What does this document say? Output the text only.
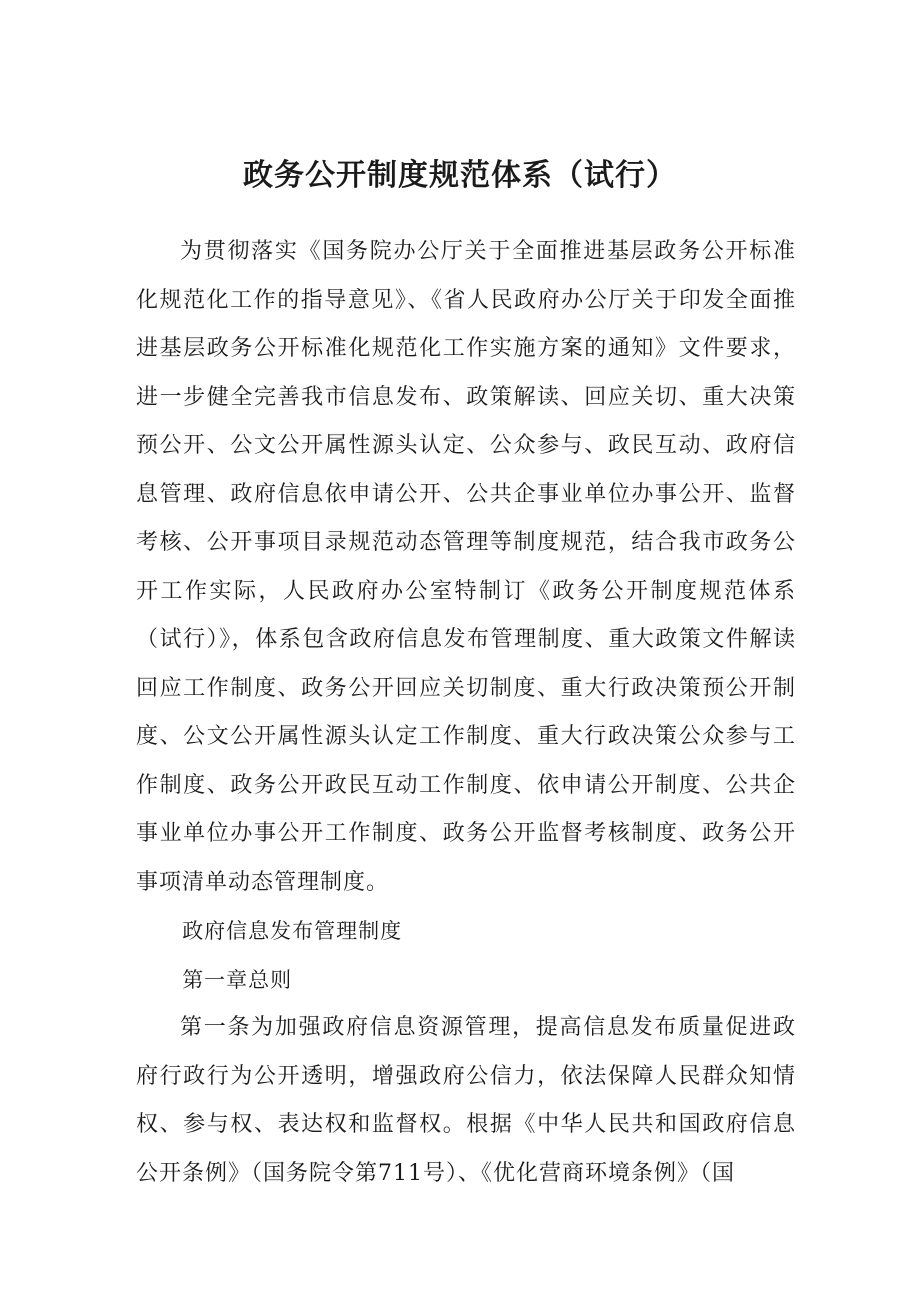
政务公开制度规范体系（试行）

为贯彻落实《国务院办公厅关于全面推进基层政务公开标准化规范化工作的指导意见》、《省人民政府办公厅关于印发全面推进基层政务公开标准化规范化工作实施方案的通知》文件要求，进一步健全完善我市信息发布、政策解读、回应关切、重大决策预公开、公文公开属性源头认定、公众参与、政民互动、政府信息管理、政府信息依申请公开、公共企事业单位办事公开、监督考核、公开事项目录规范动态管理等制度规范，结合我市政务公开工作实际，人民政府办公室特制订《政务公开制度规范体系（试行）》，体系包含政府信息发布管理制度、重大政策文件解读回应工作制度、政务公开回应关切制度、重大行政决策预公开制度、公文公开属性源头认定工作制度、重大行政决策公众参与工作制度、政务公开政民互动工作制度、依申请公开制度、公共企事业单位办事公开工作制度、政务公开监督考核制度、政务公开事项清单动态管理制度。

政府信息发布管理制度

第一章总则

第一条为加强政府信息资源管理，提高信息发布质量促进政府行政行为公开透明，增强政府公信力，依法保障人民群众知情权、参与权、表达权和监督权。根据《中华人民共和国政府信息公开条例》（国务院令第711号）、《优化营商环境条例》（国
